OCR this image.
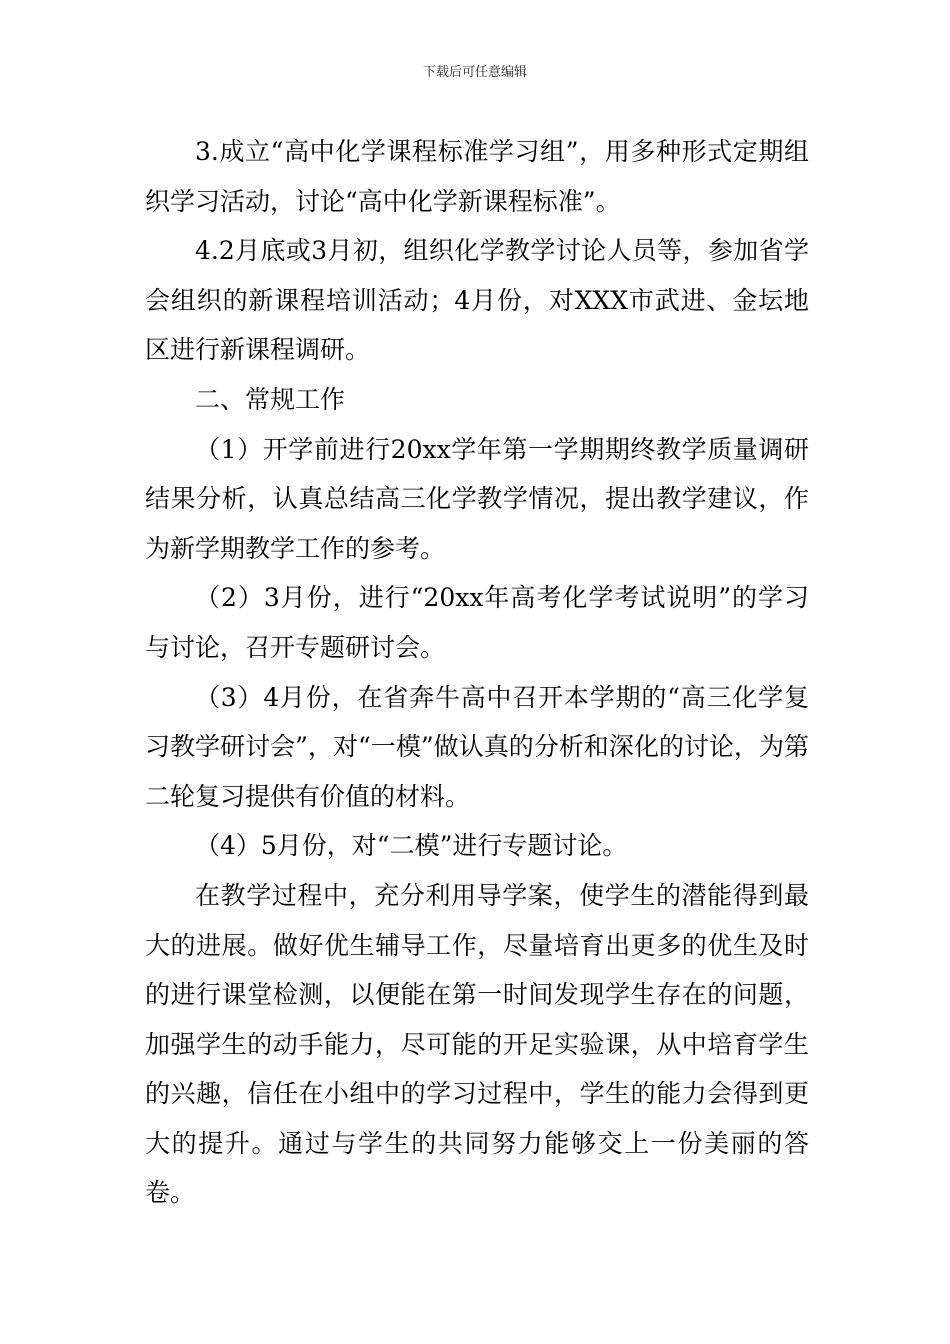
下载后可任意编辑

3.成立“高中化学课程标准学习组”，用多种形式定期组织学习活动，讨论“高中化学新课程标准”。

4.2月底或3月初，组织化学教学讨论人员等，参加省学会组织的新课程培训活动；4月份，对XXX市武进、金坛地区进行新课程调研。

二、常规工作

（1）开学前进行20xx学年第一学期期终教学质量调研结果分析，认真总结高三化学教学情况，提出教学建议，作为新学期教学工作的参考。

（2）3月份，进行“20xx年高考化学考试说明”的学习与讨论，召开专题研讨会。

（3）4月份，在省奔牛高中召开本学期的“高三化学复习教学研讨会”，对“一模”做认真的分析和深化的讨论，为第二轮复习提供有价值的材料。

（4）5月份，对“二模”进行专题讨论。

在教学过程中，充分利用导学案，使学生的潜能得到最大的进展。做好优生辅导工作，尽量培育出更多的优生及时的进行课堂检测，以便能在第一时间发现学生存在的问题，加强学生的动手能力，尽可能的开足实验课，从中培育学生的兴趣，信任在小组中的学习过程中，学生的能力会得到更大的提升。通过与学生的共同努力能够交上一份美丽的答卷。
